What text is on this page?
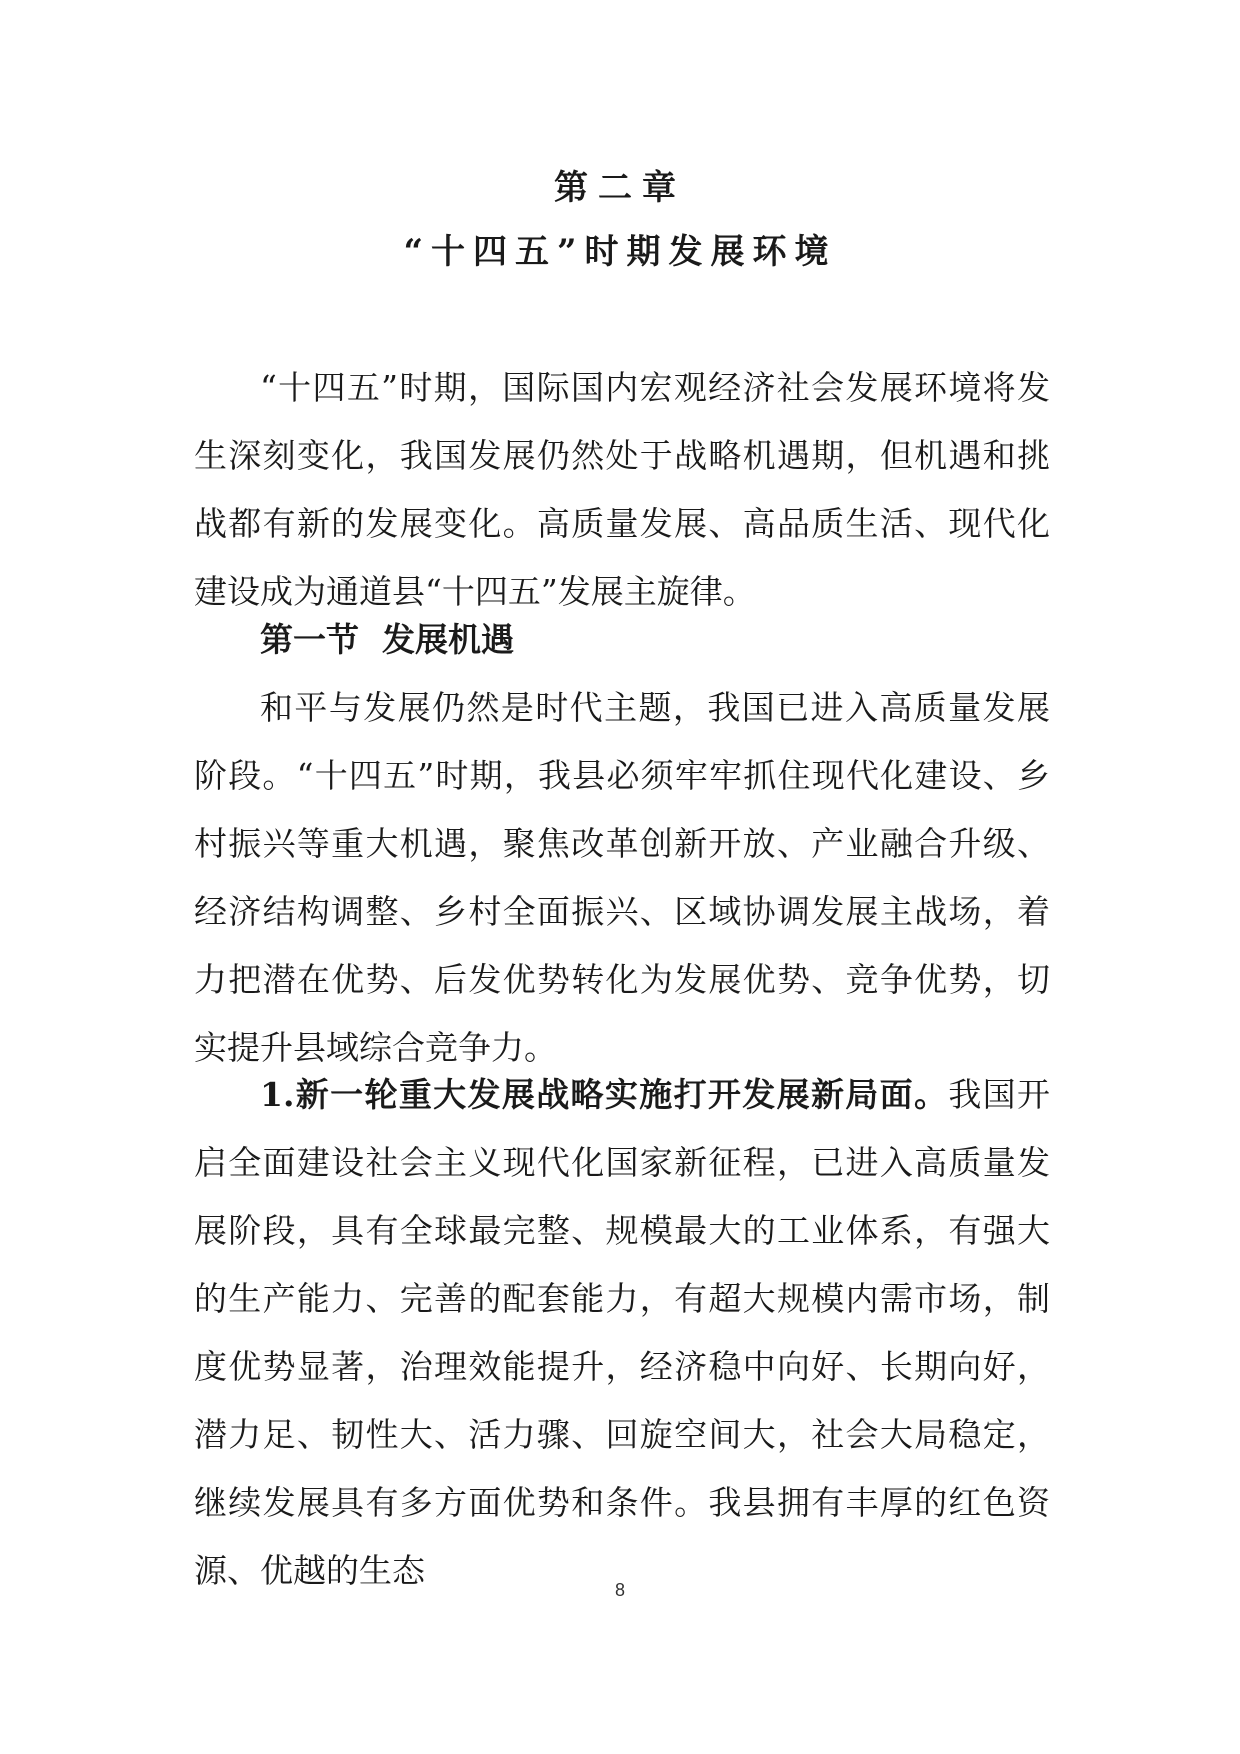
第二章
“十四五”时期发展环境

“十四五”时期，国际国内宏观经济社会发展环境将发生深刻变化，我国发展仍然处于战略机遇期，但机遇和挑战都有新的发展变化。高质量发展、高品质生活、现代化建设成为通道县“十四五”发展主旋律。

第一节  发展机遇

和平与发展仍然是时代主题，我国已进入高质量发展阶段。“十四五”时期，我县必须牢牢抓住现代化建设、乡村振兴等重大机遇，聚焦改革创新开放、产业融合升级、经济结构调整、乡村全面振兴、区域协调发展主战场，着力把潜在优势、后发优势转化为发展优势、竞争优势，切实提升县域综合竞争力。

1.新一轮重大发展战略实施打开发展新局面。我国开启全面建设社会主义现代化国家新征程，已进入高质量发展阶段，具有全球最完整、规模最大的工业体系，有强大的生产能力、完善的配套能力，有超大规模内需市场，制度优势显著，治理效能提升，经济稳中向好、长期向好，潜力足、韧性大、活力骤、回旋空间大，社会大局稳定，继续发展具有多方面优势和条件。我县拥有丰厚的红色资源、优越的生态	8
